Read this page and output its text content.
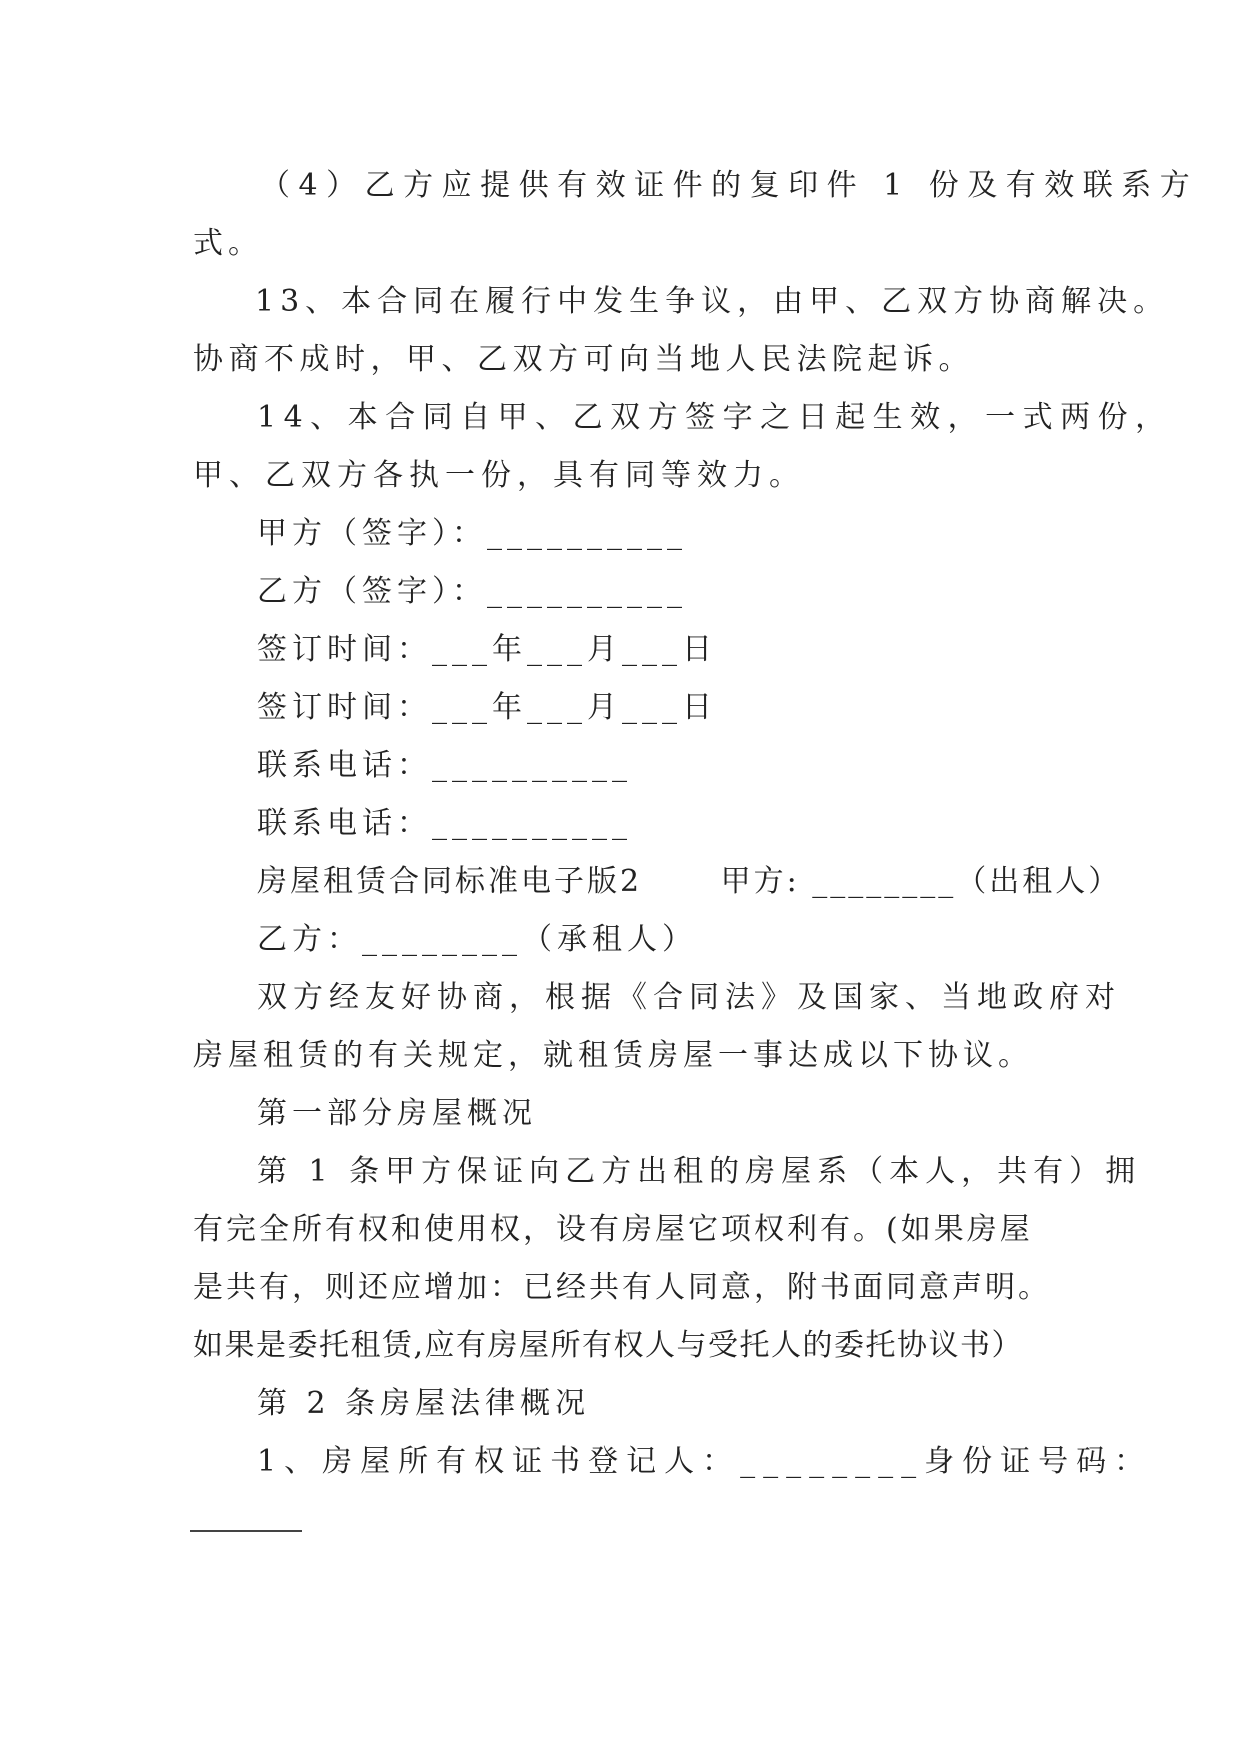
（4）乙方应提供有效证件的复印件 1 份及有效联系方
式。
13、本合同在履行中发生争议，由甲、乙双方协商解决。
协商不成时，甲、乙双方可向当地人民法院起诉。
14、本合同自甲、乙双方签字之日起生效，一式两份，
甲、乙双方各执一份，具有同等效力。
甲方（签字）：__________
乙方（签字）：__________
签订时间：___年___月___日
签订时间：___年___月___日
联系电话：__________
联系电话：__________
房屋租赁合同标准电子版2　　 甲方: ________（出租人）
乙方：________（承租人）
双方经友好协商，根据《合同法》及国家、当地政府对
房屋租赁的有关规定，就租赁房屋一事达成以下协议。
第一部分房屋概况
第 1 条甲方保证向乙方出租的房屋系（本人，共有）拥
有完全所有权和使用权，设有房屋它项权利有。(如果房屋
是共有，则还应增加：已经共有人同意，附书面同意声明。
如果是委托租赁,应有房屋所有权人与受托人的委托协议书）
第 2 条房屋法律概况
1、房屋所有权证书登记人：________身份证号码：
